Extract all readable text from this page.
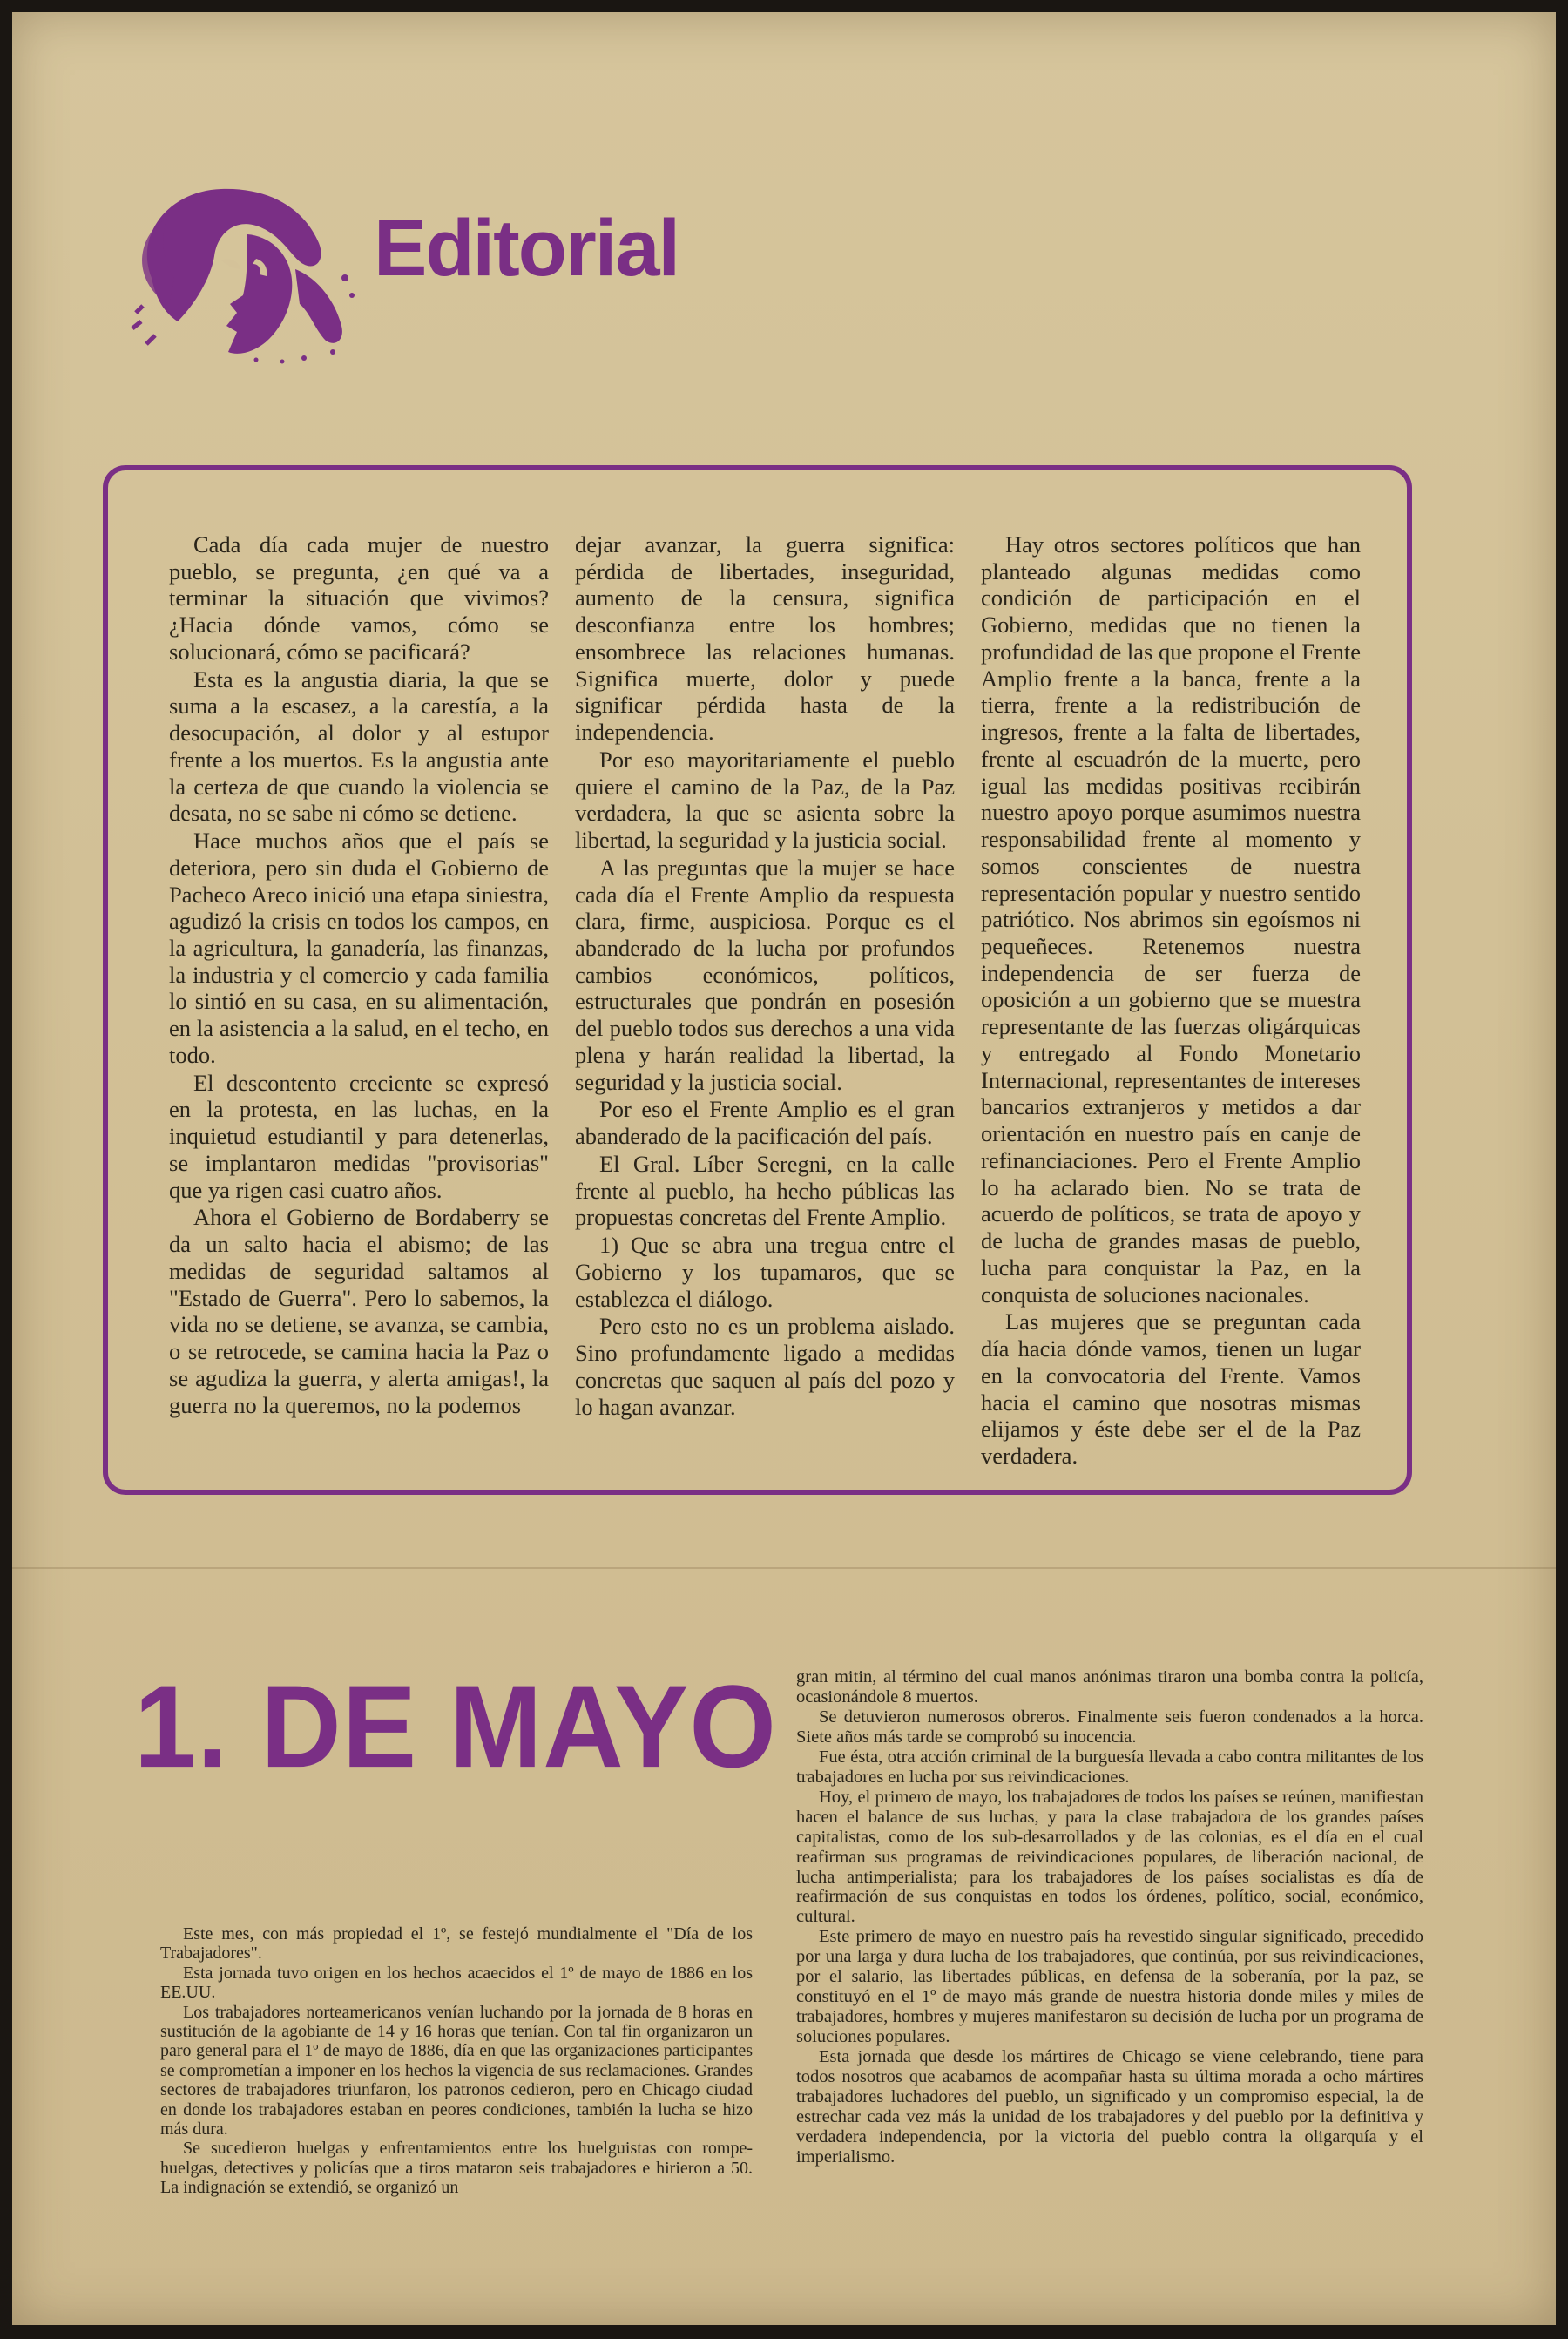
Editorial

Cada día cada mujer de nuestro pueblo, se pregunta, ¿en qué va a terminar la situación que vivimos? ¿Hacia dónde vamos, cómo se solucionará, cómo se pacificará?

Esta es la angustia diaria, la que se suma a la escasez, a la carestía, a la desocupación, al dolor y al estupor frente a los muertos. Es la angustia ante la certeza de que cuando la violencia se desata, no se sabe ni cómo se detiene.

Hace muchos años que el país se deteriora, pero sin duda el Gobierno de Pacheco Areco inició una etapa siniestra, agudizó la crisis en todos los campos, en la agricultura, la ganadería, las finanzas, la industria y el comercio y cada familia lo sintió en su casa, en su alimentación, en la asistencia a la salud, en el techo, en todo.

El descontento creciente se expresó en la protesta, en las luchas, en la inquietud estudiantil y para detenerlas, se implantaron medidas "provisorias" que ya rigen casi cuatro años.

Ahora el Gobierno de Bordaberry se da un salto hacia el abismo; de las medidas de seguridad saltamos al "Estado de Guerra". Pero lo sabemos, la vida no se detiene, se avanza, se cambia, o se retrocede, se camina hacia la Paz o se agudiza la guerra, y alerta amigas!, la guerra no la queremos, no la podemos

dejar avanzar, la guerra significa: pérdida de libertades, inseguridad, aumento de la censura, significa desconfianza entre los hombres; ensombrece las relaciones humanas. Significa muerte, dolor y puede significar pérdida hasta de la independencia.

Por eso mayoritariamente el pueblo quiere el camino de la Paz, de la Paz verdadera, la que se asienta sobre la libertad, la seguridad y la justicia social.

A las preguntas que la mujer se hace cada día el Frente Amplio da respuesta clara, firme, auspiciosa. Porque es el abanderado de la lucha por profundos cambios económicos, políticos, estructurales que pondrán en posesión del pueblo todos sus derechos a una vida plena y harán realidad la libertad, la seguridad y la justicia social.

Por eso el Frente Amplio es el gran abanderado de la pacificación del país.

El Gral. Líber Seregni, en la calle frente al pueblo, ha hecho públicas las propuestas concretas del Frente Amplio.

1) Que se abra una tregua entre el Gobierno y los tupamaros, que se establezca el diálogo.

Pero esto no es un problema aislado. Sino profundamente ligado a medidas concretas que saquen al país del pozo y lo hagan avanzar.

Hay otros sectores políticos que han planteado algunas medidas como condición de participación en el Gobierno, medidas que no tienen la profundidad de las que propone el Frente Amplio frente a la banca, frente a la tierra, frente a la redistribución de ingresos, frente a la falta de libertades, frente al escuadrón de la muerte, pero igual las medidas positivas recibirán nuestro apoyo porque asumimos nuestra responsabilidad frente al momento y somos conscientes de nuestra representación popular y nuestro sentido patriótico. Nos abrimos sin egoísmos ni pequeñeces. Retenemos nuestra independencia de ser fuerza de oposición a un gobierno que se muestra representante de las fuerzas oligárquicas y entregado al Fondo Monetario Internacional, representantes de intereses bancarios extranjeros y metidos a dar orientación en nuestro país en canje de refinanciaciones. Pero el Frente Amplio lo ha aclarado bien. No se trata de acuerdo de políticos, se trata de apoyo y de lucha de grandes masas de pueblo, lucha para conquistar la Paz, en la conquista de soluciones nacionales.

Las mujeres que se preguntan cada día hacia dónde vamos, tienen un lugar en la convocatoria del Frente. Vamos hacia el camino que nosotras mismas elijamos y éste debe ser el de la Paz verdadera.

1. DE MAYO

Este mes, con más propiedad el 1º, se festejó mundialmente el "Día de los Trabajadores".

Esta jornada tuvo origen en los hechos acaecidos el 1º de mayo de 1886 en los EE.UU.

Los trabajadores norteamericanos venían luchando por la jornada de 8 horas en sustitución de la agobiante de 14 y 16 horas que tenían. Con tal fin organizaron un paro general para el 1º de mayo de 1886, día en que las organizaciones participantes se comprometían a imponer en los hechos la vigencia de sus reclamaciones. Grandes sectores de trabajadores triunfaron, los patronos cedieron, pero en Chicago ciudad en donde los trabajadores estaban en peores condiciones, también la lucha se hizo más dura.

Se sucedieron huelgas y enfrentamientos entre los huelguistas con rompe-huelgas, detectives y policías que a tiros mataron seis trabajadores e hirieron a 50. La indignación se extendió, se organizó un

gran mitin, al término del cual manos anónimas tiraron una bomba contra la policía, ocasionándole 8 muertos.

Se detuvieron numerosos obreros. Finalmente seis fueron condenados a la horca. Siete años más tarde se comprobó su inocencia.

Fue ésta, otra acción criminal de la burguesía llevada a cabo contra militantes de los trabajadores en lucha por sus reivindicaciones.

Hoy, el primero de mayo, los trabajadores de todos los países se reúnen, manifiestan hacen el balance de sus luchas, y para la clase trabajadora de los grandes países capitalistas, como de los sub-desarrollados y de las colonias, es el día en el cual reafirman sus programas de reivindicaciones populares, de liberación nacional, de lucha antimperialista; para los trabajadores de los países socialistas es día de reafirmación de sus conquistas en todos los órdenes, político, social, económico, cultural.

Este primero de mayo en nuestro país ha revestido singular significado, precedido por una larga y dura lucha de los trabajadores, que continúa, por sus reivindicaciones, por el salario, las libertades públicas, en defensa de la soberanía, por la paz, se constituyó en el 1º de mayo más grande de nuestra historia donde miles y miles de trabajadores, hombres y mujeres manifestaron su decisión de lucha por un programa de soluciones populares.

Esta jornada que desde los mártires de Chicago se viene celebrando, tiene para todos nosotros que acabamos de acompañar hasta su última morada a ocho mártires trabajadores luchadores del pueblo, un significado y un compromiso especial, la de estrechar cada vez más la unidad de los trabajadores y del pueblo por la definitiva y verdadera independencia, por la victoria del pueblo contra la oligarquía y el imperialismo.
